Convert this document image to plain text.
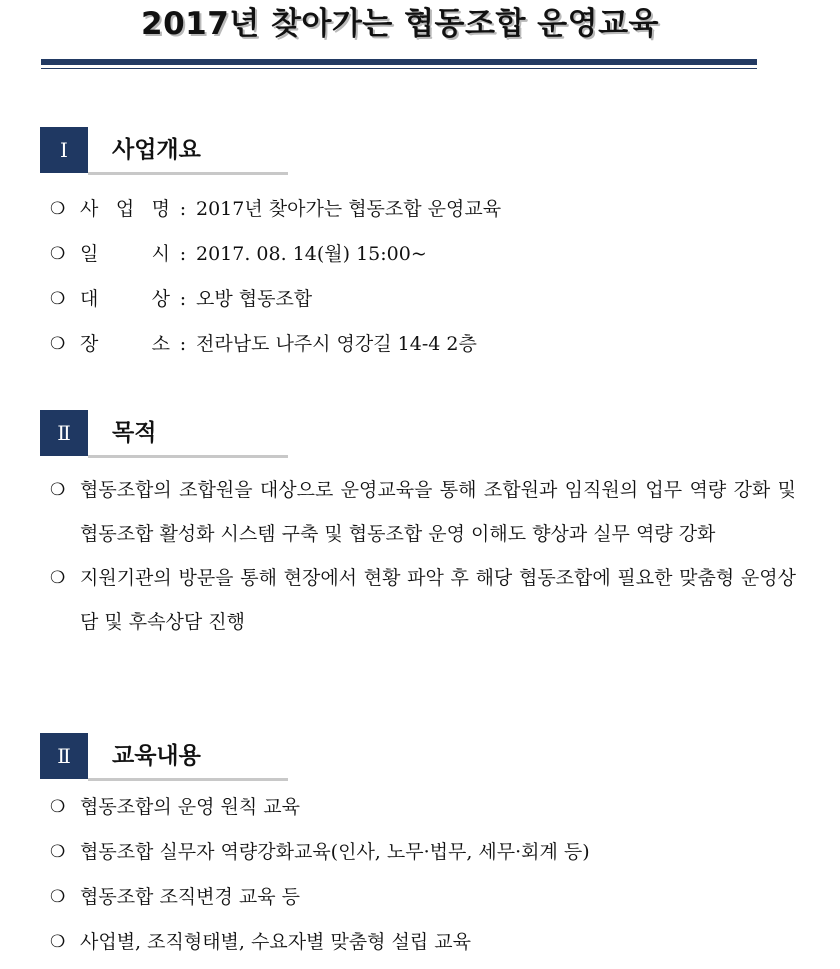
2017년 찾아가는 협동조합 운영교육
Ⅰ	사업개요
❍ 사 업 명 : 2017년 찾아가는 협동조합 운영교육
❍ 일 시 : 2017. 08. 14(월) 15:00~
❍ 대 상 : 오방 협동조합
❍ 장 소 : 전라남도 나주시 영강길 14-4 2층
Ⅱ	목적
❍ 협동조합의 조합원을 대상으로 운영교육을 통해 조합원과 임직원의 업무 역량 강화 및 협동조합 활성화 시스템 구축 및 협동조합 운영 이해도 향상과 실무 역량 강화
❍ 지원기관의 방문을 통해 현장에서 현황 파악 후 해당 협동조합에 필요한 맞춤형 운영상담 및 후속상담 진행
Ⅱ	교육내용
❍ 협동조합의 운영 원칙 교육
❍ 협동조합 실무자 역량강화교육(인사, 노무·법무, 세무·회계 등)
❍ 협동조합 조직변경 교육 등
❍ 사업별, 조직형태별, 수요자별 맞춤형 설립 교육
